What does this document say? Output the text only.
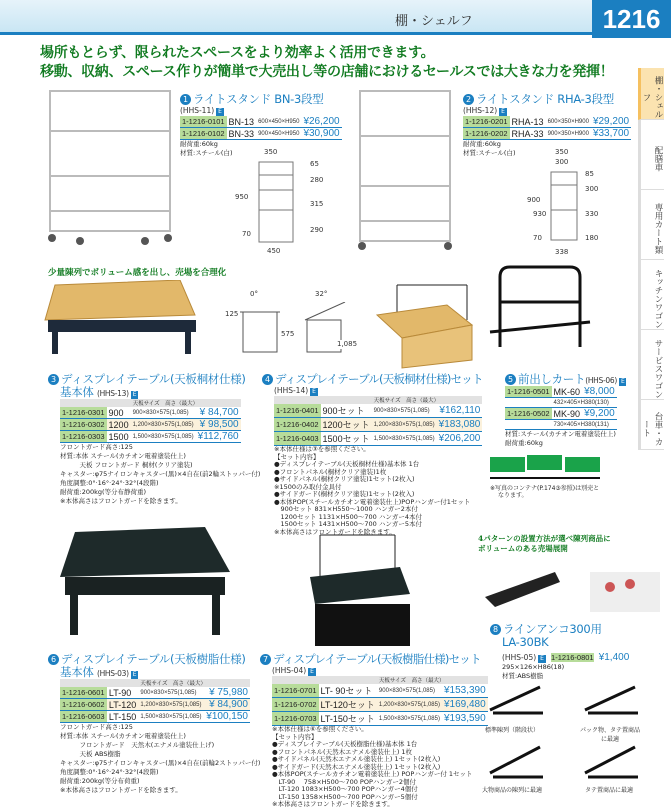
棚・シェルフ	1216
場所もとらず、限られたスペースをより効率よく活用できます。
移動、収納、スペース作りが簡単で大売出し等の店舗におけるセールスでは大きな力を発揮！
棚・シェルフ
配膳車
専用カート類
キッチンワゴン
サービスワゴン
台車・カート
1 ライトスタンド BN-3段型
(HHS-11) E
1-1216-0101	BN-13	600×450×H950	¥26,200
1-1216-0102	BN-33	900×450×H950	¥30,900
耐荷重:60kg
材質:スチール(白)
2 ライトスタンド RHA-3段型
(HHS-12) E
1-1216-0201	RHA-13	600×350×H900	¥29,200
1-1216-0202	RHA-33	900×350×H900	¥33,700
耐荷重:60kg
材質:スチール(白)
350
65
280
950
315
70	290
450
350
300
85
300
900
930	330
70	180
338
少量陳列でボリューム感を出し、売場を合理化
0°	32°
125
575
1,085
3 ディスプレイテーブル(天板桐材仕様)
基本体 (HHS-13) E
		天板サイズ　高さ（最大）	
1-1216-0301	900	900×830×575(1,085)	¥ 84,700
1-1216-0302	1200	1,200×830×575(1,085)	¥ 98,500
1-1216-0303	1500	1,500×830×575(1,085)	¥112,760
フロントガード高さ:125
材質:本体 スチール(カチオン電着塗装仕上)
　　　天板 フロントガード 桐材(クリア塗装)
キャスター:φ75ナイロンキャスター(黒)×4自在(前2輪ストッパー付)
角度調整:0°·16°·24°·32°(4段階)
耐荷重:200kg(等分布静荷重)
※本体高さはフロントガードを除きます。
4 ディスプレイテーブル(天板桐材仕様)セット
(HHS-14) E
		天板サイズ　高さ（最大）	
1-1216-0401	900セット	900×830×575(1,085)	¥162,110
1-1216-0402	1200セット	1,200×830×575(1,085)	¥183,080
1-1216-0403	1500セット	1,500×830×575(1,085)	¥206,200
※本体仕様は③を参照ください。
【セット内容】
●ディスプレイテーブル(天板桐材仕様)基本体 1台
●フロントパネル(桐材クリア塗装)1枚
●サイドパネル(桐材クリア塗装)1セット(2枚入)
※1500のみ取付金具付
●サイドガード(桐材クリア塗装)1セット(2枚入)
●本体POP(スチールカチオン電着塗装仕上)POPハンガー付1セット
　900セット 831×H550〜1000 ハンガー2本付
　1200セット 1131×H500〜700 ハンガー4本付
　1500セット 1431×H500〜700 ハンガー5本付
※本体高さはフロントガードを除きます。
5 前出しカート(HHS-06) E
1-1216-0501	MK-60	¥8,000
	432×405×H380(130)	
1-1216-0502	MK-90	¥9,200
	730×405×H380(131)	
材質:スチール(カチオン電着塗装仕上)
耐荷重:60kg
※写真のコンテナ(P.174③参照)は別売と
なります。
4パターンの設置方法が選べ陳列商品に
ボリュームのある売場展開
6 ディスプレイテーブル(天板樹脂仕様)
基本体 (HHS-03) E
		天板サイズ　高さ（最大）	
1-1216-0601	LT-90	900×830×575(1,085)	¥ 75,980
1-1216-0602	LT-120	1,200×830×575(1,085)	¥ 84,900
1-1216-0603	LT-150	1,500×830×575(1,085)	¥100,150
フロントガード高さ:125
材質:本体 スチール(カチオン電着塗装仕上)
　　　フロントガード　天然木(エナメル塗装仕上げ)
　　　天板 ABS樹脂
キャスター:φ75ナイロンキャスター(黒)×4自在(前輪2ストッパー付)
角度調整:0°·16°·24°·32°(4段階)
耐荷重:200kg(等分布荷重)
※本体高さはフロントガードを除きます。
7 ディスプレイテーブル(天板樹脂仕様)セット
(HHS-04) E
		天板サイズ　高さ（最大）	
1-1216-0701	LT- 90セット	900×830×575(1,085)	¥153,390
1-1216-0702	LT-120セット	1,200×830×575(1,085)	¥169,480
1-1216-0703	LT-150セット	1,500×830×575(1,085)	¥193,590
※本体仕様は⑥を参照ください。
【セット内容】
●ディスプレイテーブル(天板樹脂仕様)基本体 1台
●フロントパネル(天然木エナメル塗装仕上) 1枚
●サイドパネル(天然木エナメル塗装仕上) 1セット(2枚入)
●サイドガード(天然木エナメル塗装仕上) 1セット(2枚入)
●本体POP(スチールカチオン電着塗装仕上) POPハンガー付 1セット
　LT-90　 758×H500〜700 POPハンガー2個付
　LT-120 1083×H500〜700 POPハンガー4個付
　LT-150 1358×H500〜700 POPハンガー5個付
※本体高さはフロントガードを除きます。
8 ラインアンコ300用
LA-30BK
(HHS-05) E 1-1216-0801 ¥1,400
295×126×H86(18)
材質:ABS樹脂
標準陳列（階段状）	パック物、タテ置商品に最適
大物商品の陳列に最適	タテ置商品に最適
